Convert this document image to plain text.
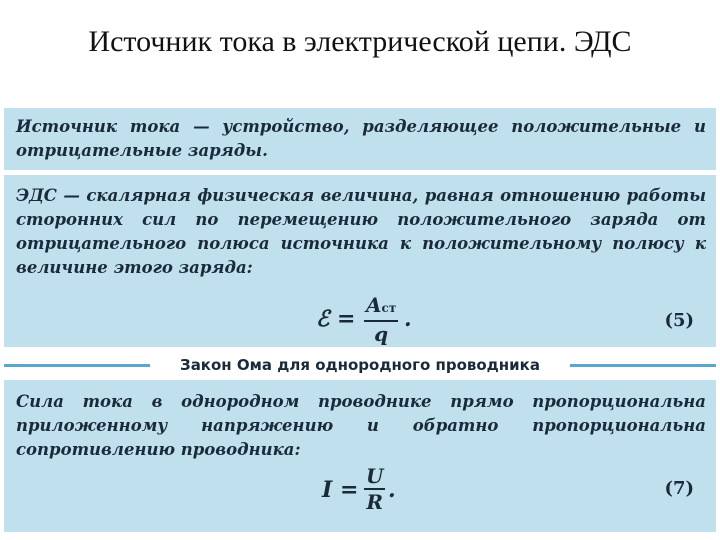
Источник тока в электрической цепи. ЭДС
Источник тока — устройство, разделяющее положительные и отрицательные заряды.
ЭДС — скалярная физическая величина, равная отношению работы сторонних сил по перемещению положительного заряда от отрицательного полюса источника к положительному полюсу к величине этого заряда:
ℰ =
Aст
q
.	(5)
Закон Ома для однородного проводника
Сила тока в однородном проводнике прямо пропорциональна приложенному напряжению и обратно пропорциональна сопротивлению проводника:
$I = \frac{U}{R}$ .	(7)
